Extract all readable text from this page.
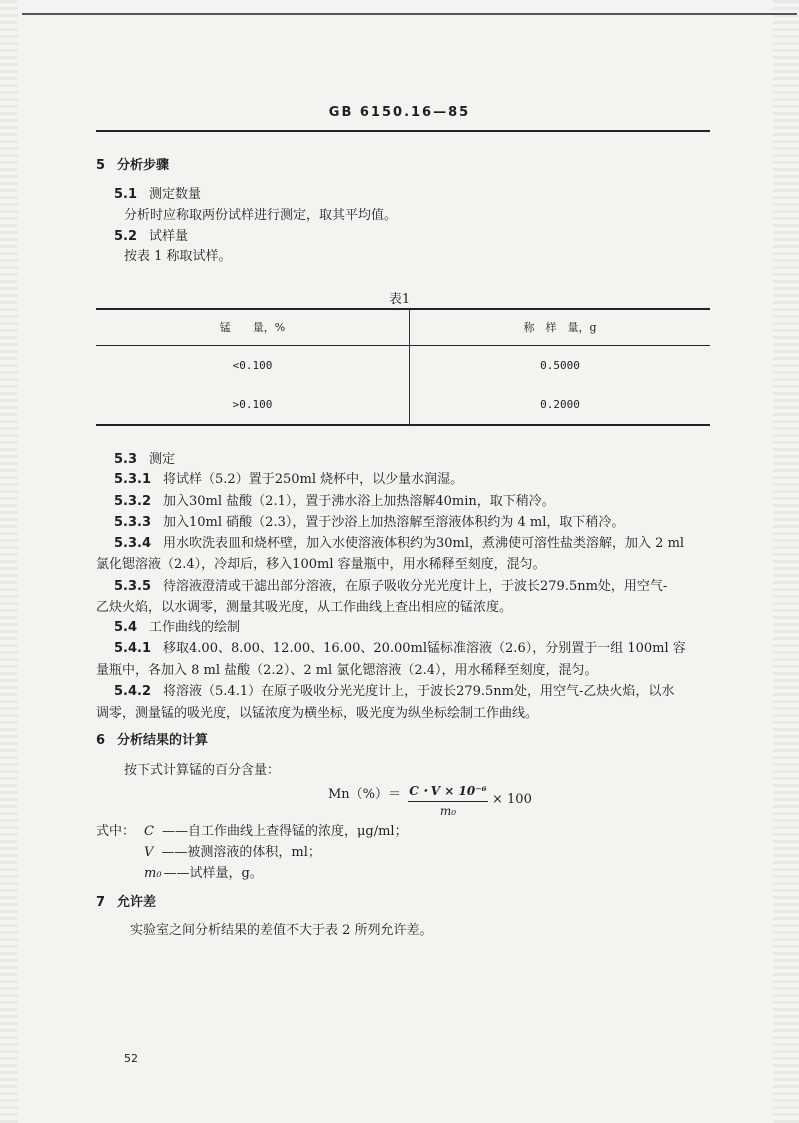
GB 6150.16—85
5 分析步骤
5.1 测定数量
分析时应称取两份试样进行测定，取其平均值。
5.2 试样量
按表 1 称取试样。
表1
锰　　量，%	称　样　量，g
<0.100	0.5000
>0.100	0.2000
5.3 测定
5.3.1 将试样（5.2）置于250ml 烧杯中，以少量水润湿。
5.3.2 加入30ml 盐酸（2.1），置于沸水浴上加热溶解40min，取下稍冷。
5.3.3 加入10ml 硝酸（2.3），置于沙浴上加热溶解至溶液体积约为 4 ml，取下稍冷。
5.3.4 用水吹洗表皿和烧杯壁，加入水使溶液体积约为30ml，煮沸使可溶性盐类溶解，加入 2 ml
氯化锶溶液（2.4），冷却后，移入100ml 容量瓶中，用水稀释至刻度，混匀。
5.3.5 待溶液澄清或干滤出部分溶液，在原子吸收分光光度计上，于波长279.5nm处，用空气-
乙炔火焰，以水调零，测量其吸光度，从工作曲线上查出相应的锰浓度。
5.4 工作曲线的绘制
5.4.1 移取4.00、8.00、12.00、16.00、20.00ml锰标准溶液（2.6），分别置于一组 100ml 容
量瓶中，各加入 8 ml 盐酸（2.2）、2 ml 氯化锶溶液（2.4），用水稀释至刻度，混匀。
5.4.2 将溶液（5.4.1）在原子吸收分光光度计上，于波长279.5nm处，用空气-乙炔火焰，以水
调零，测量锰的吸光度，以锰浓度为横坐标，吸光度为纵坐标绘制工作曲线。
6 分析结果的计算
按下式计算锰的百分含量：
$Mn(\%)= \frac{\text{C・V × 10⁻⁶}}{\text{m₀}} \times 100$
式中： C ——自工作曲线上查得锰的浓度，μg/ml；
V ——被测溶液的体积，ml；
m₀ ——试样量，g。
7 允许差
实验室之间分析结果的差值不大于表 2 所列允许差。
52
